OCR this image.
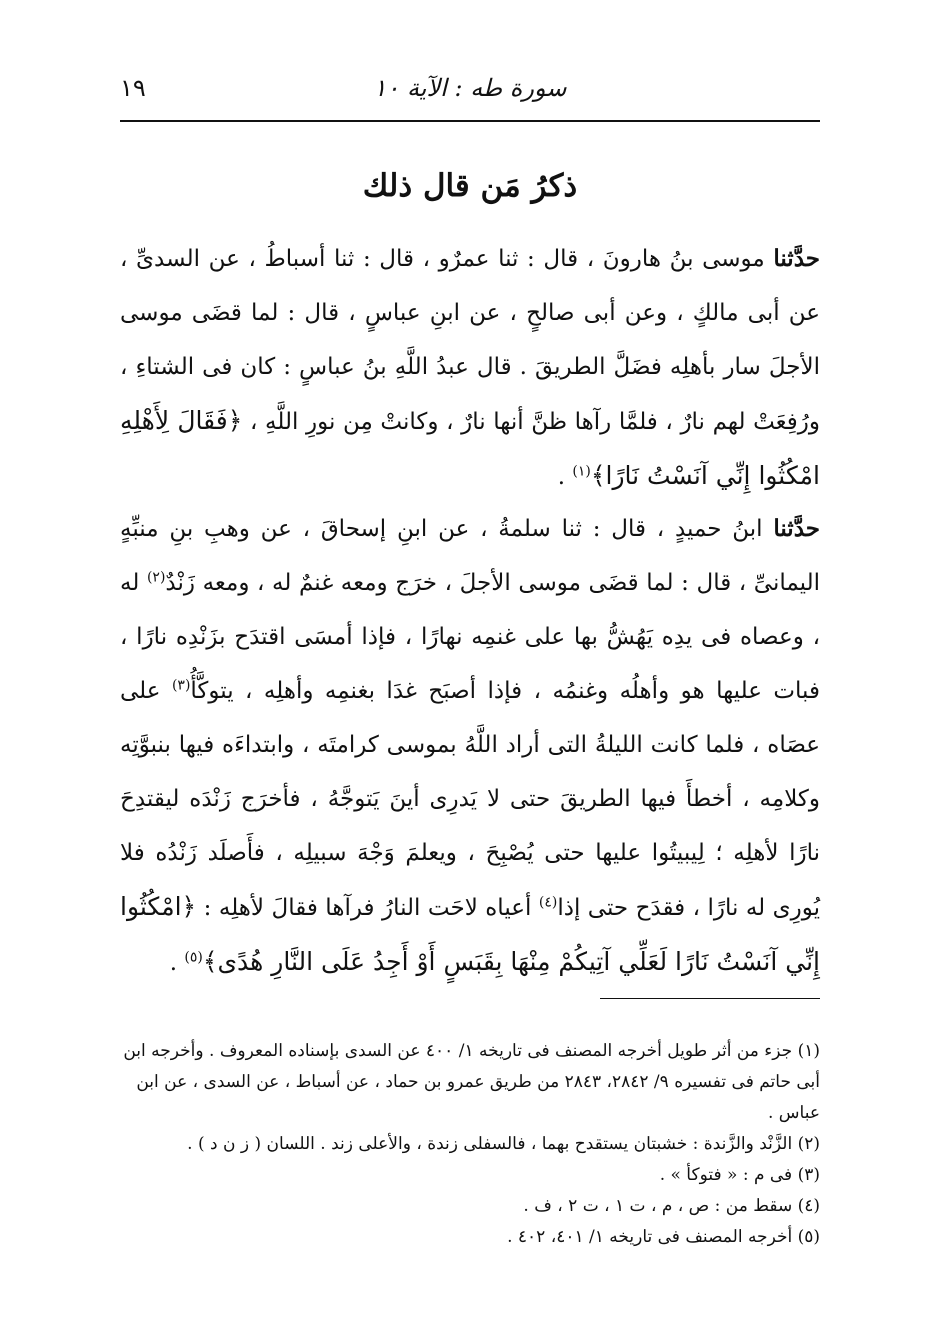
سورة طه : الآية ١٠
١٩
ذكرُ مَن قال ذلك

حدَّثنا موسى بنُ هارونَ ، قال : ثنا عمرٌو ، قال : ثنا أسباطُ ، عن السدىِّ ، عن أبى مالكٍ ، وعن أبى صالحٍ ، عن ابنِ عباسٍ ، قال : لما قضَى موسى الأجلَ سار بأهلِه فضَلَّ الطريقَ . قال عبدُ اللَّهِ بنُ عباسٍ : كان فى الشتاءِ ، ورُفِعَتْ لهم نارٌ ، فلمَّا رآها ظنَّ أنها نارٌ ، وكانتْ مِن نورِ اللَّهِ ، ﴿فَقَالَ لِأَهْلِهِ امْكُثُوا إِنِّي آنَسْتُ نَارًا﴾$^{(١)}$ .

حدَّثنا ابنُ حميدٍ ، قال : ثنا سلمةُ ، عن ابنِ إسحاقَ ، عن وهبِ بنِ منبِّهٍ اليمانىِّ ، قال : لما قضَى موسى الأجلَ ، خرَج ومعه غنمٌ له ، ومعه زَنْدٌ$^{(٢)}$ له ، وعصاه فى يدِه يَهُشُّ بها على غنمِه نهارًا ، فإذا أمسَى اقتدَح بزَنْدِه نارًا ، فبات عليها هو وأهلُه وغنمُه ، فإذا أصبَح غدَا بغنمِه وأهلِه ، يتوكَّأُ$^{(٣)}$ على عصَاه ، فلما كانت الليلةُ التى أراد اللَّهُ بموسى كرامتَه ، وابتداءَه فيها بنبوَّتِه وكلامِه ، أخطأَ فيها الطريقَ حتى لا يَدرِى أينَ يَتوجَّهُ ، فأخرَج زَنْدَه ليقتدِحَ نارًا لأهلِه ؛ لِيبيتُوا عليها حتى يُصْبِحَ ، ويعلمَ وَجْهَ سبيلِه ، فأَصلَد زَنْدُه فلا يُورِى له نارًا ، فقدَح حتى إذا$^{(٤)}$ أعياه لاحَت النارُ فرآها فقالَ لأهلِه : ﴿امْكُثُوا إِنِّي آنَسْتُ نَارًا لَعَلِّي آتِيكُمْ مِنْهَا بِقَبَسٍ أَوْ أَجِدُ عَلَى النَّارِ هُدًى﴾$^{(٥)}$ .

(١) جزء من أثر طويل أخرجه المصنف فى تاريخه ١/ ٤٠٠ عن السدى بإسناده المعروف . وأخرجه ابن أبى حاتم فى تفسيره ٩/ ٢٨٤٢، ٢٨٤٣ من طريق عمرو بن حماد ، عن أسباط ، عن السدى ، عن ابن عباس .

(٢) الزَّنْد والزَّندة : خشبتان يستقدح بهما ، فالسفلى زندة ، والأعلى زند . اللسان ( ز ن د ) .

(٣) فى م : « فتوكأ » .

(٤) سقط من : ص ، م ، ت ١ ، ت ٢ ، ف .

(٥) أخرجه المصنف فى تاريخه ١/ ٤٠١، ٤٠٢ .
